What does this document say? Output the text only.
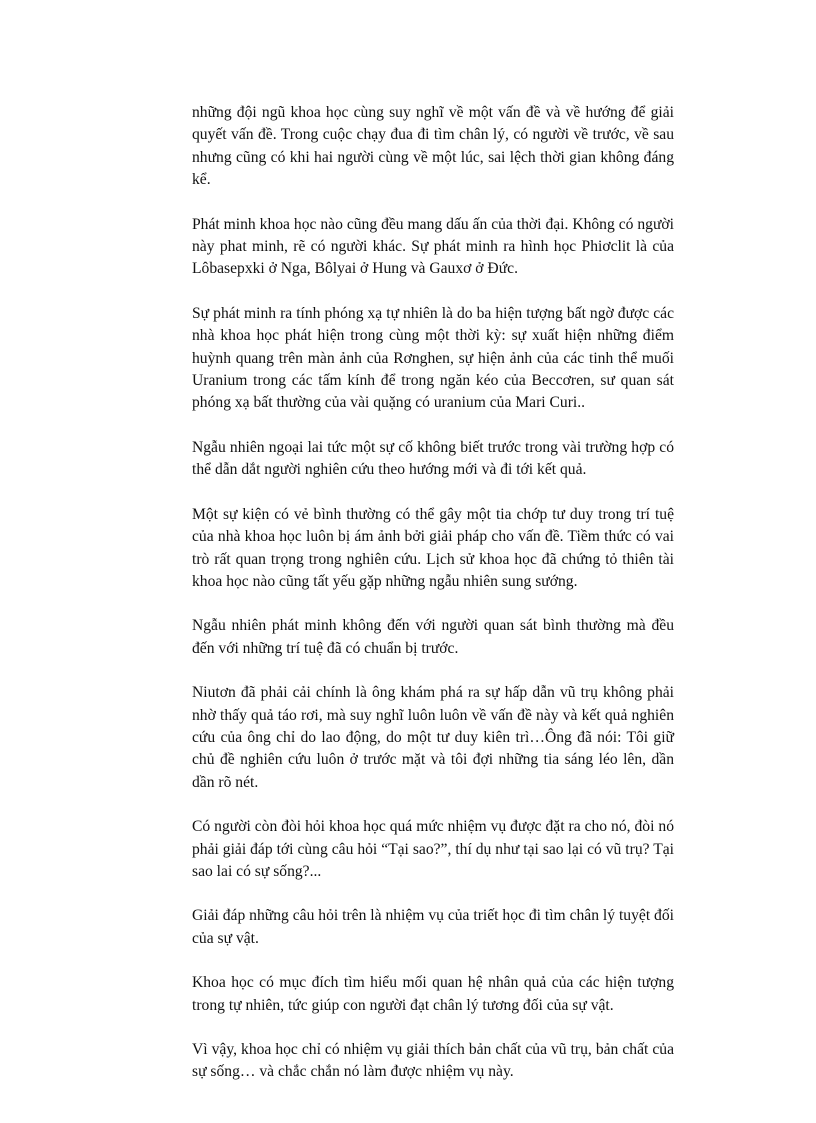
những đội ngũ khoa học cùng suy nghĩ về một vấn đề và về hướng để giải quyết vấn đề. Trong cuộc chạy đua đi tìm chân lý, có người về trước, về sau nhưng cũng có khi hai người cùng về một lúc, sai lệch thời gian không đáng kể.

Phát minh khoa học nào cũng đều mang dấu ấn của thời đại. Không có người này phat minh, rẽ có người khác. Sự phát minh ra hình học Phiơclit là của Lôbasepxki ở Nga, Bôlyai ở Hung và Gauxơ ở Đức.

Sự phát minh ra tính phóng xạ tự nhiên là do ba hiện tượng bất ngờ được các nhà khoa học phát hiện trong cùng một thời kỳ: sự xuất hiện những điểm huỳnh quang trên màn ảnh của Rơnghen, sự hiện ảnh của các tinh thể muối Uranium trong các tấm kính để trong ngăn kéo của Beccơren, sư quan sát phóng xạ bất thường của vài quặng có uranium của Mari Curi..

Ngẫu nhiên ngoại lai tức một sự cố không biết trước trong vài trường hợp có thể dẫn dắt người nghiên cứu theo hướng mới và đi tới kết quả.

Một sự kiện có vẻ bình thường có thể gây một tia chớp tư duy trong trí tuệ của nhà khoa học luôn bị ám ảnh bởi giải pháp cho vấn đề. Tiềm thức có vai trò rất quan trọng trong nghiên cứu. Lịch sử khoa học đã chứng tỏ thiên tài khoa học nào cũng tất yếu gặp những ngẫu nhiên sung sướng.

Ngẫu nhiên phát minh không đến với người quan sát bình thường mà đều đến với những trí tuệ đã có chuẩn bị trước.

Niutơn đã phải cải chính là ông khám phá ra sự hấp dẫn vũ trụ không phải nhờ thấy quả táo rơi, mà suy nghĩ luôn luôn về vấn đề này và kết quả nghiên cứu của ông chỉ do lao động, do một tư duy kiên trì…Ông đã nói: Tôi giữ chủ đề nghiên cứu luôn ở trước mặt và tôi đợi những tia sáng léo lên, dần dần rõ nét.

Có người còn đòi hỏi khoa học quá mức nhiệm vụ được đặt ra cho nó, đòi nó phải giải đáp tới cùng câu hỏi “Tại sao?”, thí dụ như tại sao lại có vũ trụ? Tại sao lai có sự sống?...

Giải đáp những câu hỏi trên là nhiệm vụ của triết học đi tìm chân lý tuyệt đối của sự vật.

Khoa học có mục đích tìm hiểu mối quan hệ nhân quả của các hiện tượng trong tự nhiên, tức giúp con người đạt chân lý tương đối của sự vật.

Vì vậy, khoa học chỉ có nhiệm vụ giải thích bản chất của vũ trụ, bản chất của sự sống… và chắc chắn nó làm được nhiệm vụ này.
